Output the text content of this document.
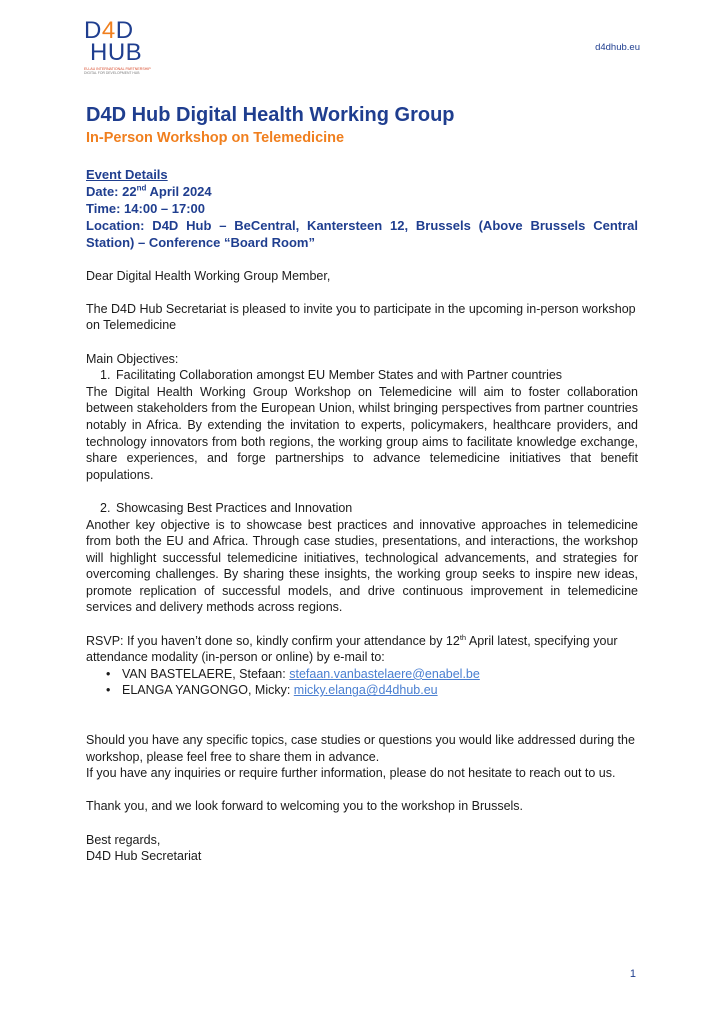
D4D
HUB
EU-AU INTERNATIONAL PARTNERSHIP
DIGITAL FOR DEVELOPMENT HUB
d4dhub.eu
D4D Hub Digital Health Working Group
In-Person Workshop on Telemedicine
Event Details
Date: 22nd April 2024
Time: 14:00 – 17:00
Location: D4D Hub – BeCentral, Kantersteen 12, Brussels (Above Brussels Central Station) – Conference “Board Room”
Dear Digital Health Working Group Member,
The D4D Hub Secretariat is pleased to invite you to participate in the upcoming in-person workshop on Telemedicine
Main Objectives:
1. Facilitating Collaboration amongst EU Member States and with Partner countries
The Digital Health Working Group Workshop on Telemedicine will aim to foster collaboration between stakeholders from the European Union, whilst bringing perspectives from partner countries notably in Africa. By extending the invitation to experts, policymakers, healthcare providers, and technology innovators from both regions, the working group aims to facilitate knowledge exchange, share experiences, and forge partnerships to advance telemedicine initiatives that benefit populations.
2. Showcasing Best Practices and Innovation
Another key objective is to showcase best practices and innovative approaches in telemedicine from both the EU and Africa. Through case studies, presentations, and interactions, the workshop will highlight successful telemedicine initiatives, technological advancements, and strategies for overcoming challenges. By sharing these insights, the working group seeks to inspire new ideas, promote replication of successful models, and drive continuous improvement in telemedicine services and delivery methods across regions.
RSVP: If you haven’t done so, kindly confirm your attendance by 12th April latest, specifying your attendance modality (in-person or online) by e-mail to:
• VAN BASTELAERE, Stefaan: stefaan.vanbastelaere@enabel.be
• ELANGA YANGONGO, Micky: micky.elanga@d4dhub.eu
Should you have any specific topics, case studies or questions you would like addressed during the workshop, please feel free to share them in advance.
If you have any inquiries or require further information, please do not hesitate to reach out to us.
Thank you, and we look forward to welcoming you to the workshop in Brussels.
Best regards,
D4D Hub Secretariat
1
